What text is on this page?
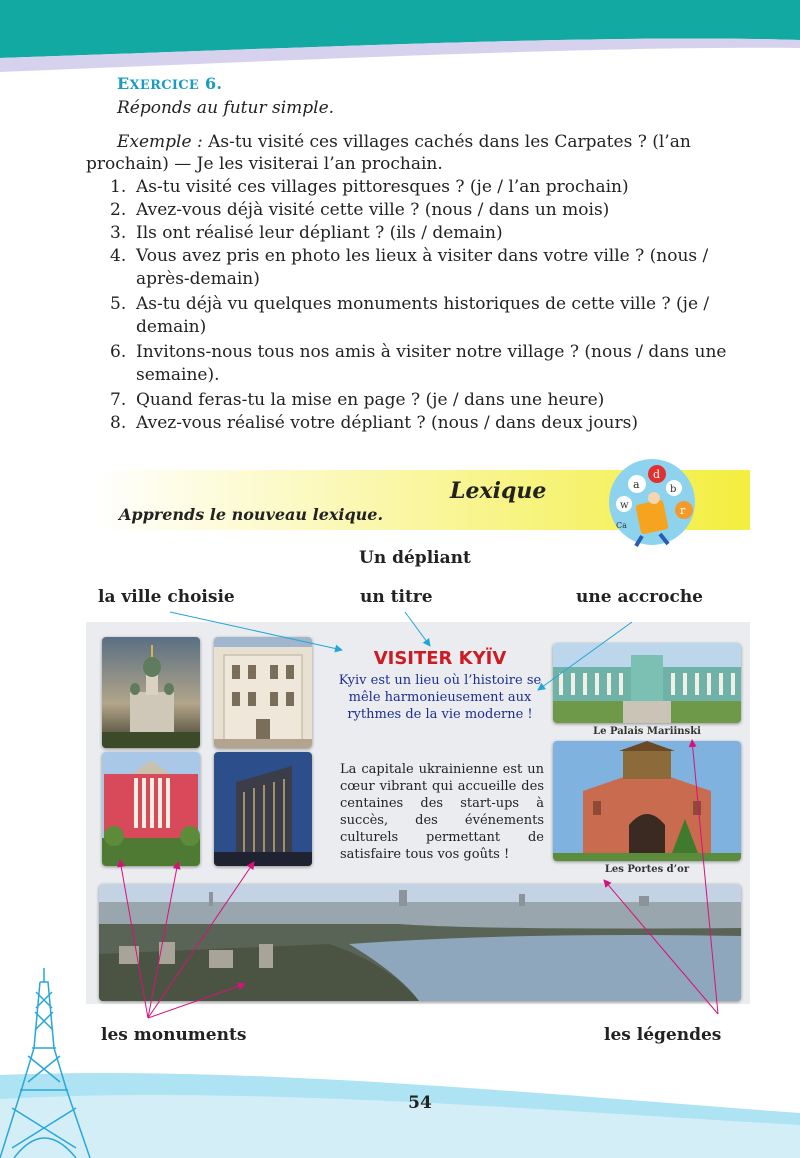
EXERCICE 6.
Réponds au futur simple.
Exemple : As-tu visité ces villages cachés dans les Carpates ? (l’an
prochain) — Je les visiterai l’an prochain.
1. As-tu visité ces villages pittoresques ? (je / l’an prochain)
2. Avez-vous déjà visité cette ville ? (nous / dans un mois)
3. Ils ont réalisé leur dépliant ? (ils / demain)
4. Vous avez pris en photo les lieux à visiter dans votre ville ? (nous / après-demain)
5. As-tu déjà vu quelques monuments historiques de cette ville ? (je / demain)
6. Invitons-nous tous nos amis à visiter notre village ? (nous / dans une semaine).
7. Quand feras-tu la mise en page ? (je / dans une heure)
8. Avez-vous réalisé votre dépliant ? (nous / dans deux jours)
Lexique
Apprends le nouveau lexique.
a
d
b
w	r
Ca
Un dépliant
la ville choisie	un titre	une accroche
Le Palais Mariinski
Les Portes d’or
VISITER KYÏV
Kyiv est un lieu où l’histoire se mêle harmonieusement aux rythmes de la vie moderne !
La capitale ukrainienne est un cœur vibrant qui accueille des centaines des start-ups à succès, des événements culturels permettant de satisfaire tous vos goûts !
les monuments	les légendes
54
